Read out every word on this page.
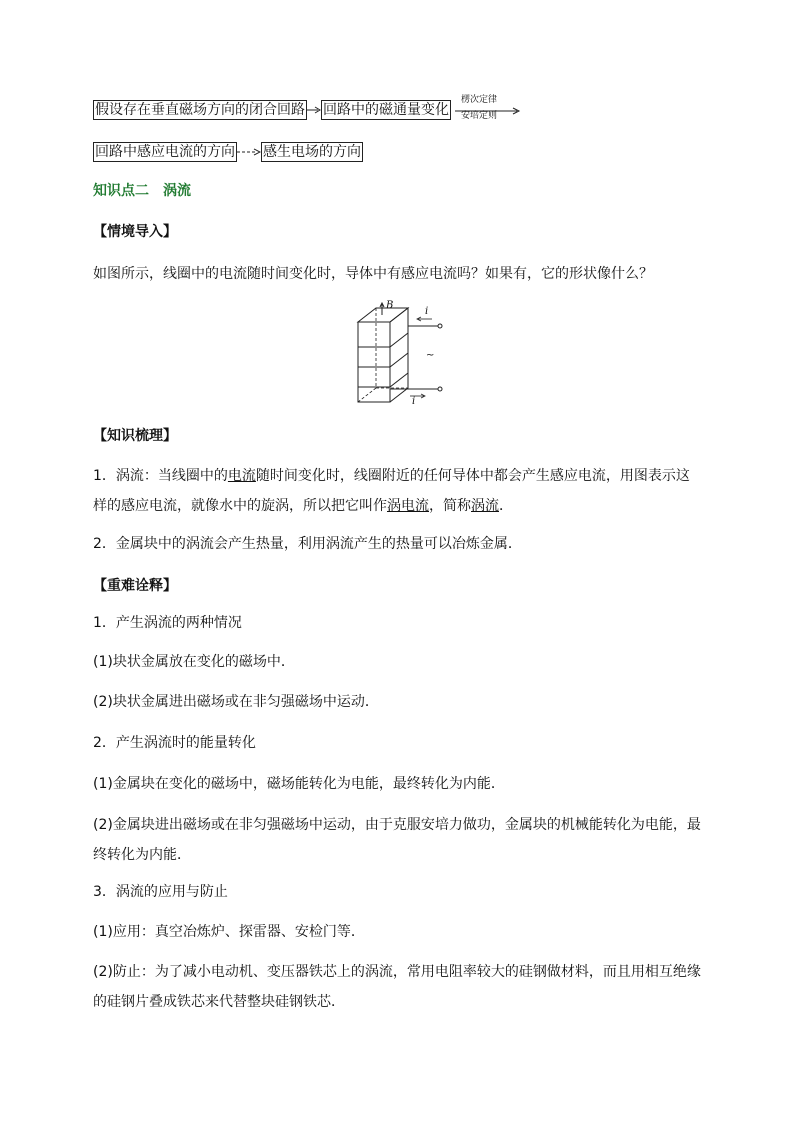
假设存在垂直磁场方向的闭合回路 回路中的磁通量变化
楞次定律
安培定则
回路中感应电流的方向 感生电场的方向
知识点二　涡流
【情境导入】
如图所示，线圈中的电流随时间变化时，导体中有感应电流吗？如果有，它的形状像什么？
B
i
i
~
【知识梳理】
1．涡流：当线圈中的电流随时间变化时，线圈附近的任何导体中都会产生感应电流，用图表示这样的感应电流，就像水中的旋涡，所以把它叫作涡电流，简称涡流．
2．金属块中的涡流会产生热量，利用涡流产生的热量可以冶炼金属．
【重难诠释】
1．产生涡流的两种情况
(1)块状金属放在变化的磁场中．
(2)块状金属进出磁场或在非匀强磁场中运动．
2．产生涡流时的能量转化
(1)金属块在变化的磁场中，磁场能转化为电能，最终转化为内能．
(2)金属块进出磁场或在非匀强磁场中运动，由于克服安培力做功，金属块的机械能转化为电能，最终转化为内能．
3．涡流的应用与防止
(1)应用：真空冶炼炉、探雷器、安检门等．
(2)防止：为了减小电动机、变压器铁芯上的涡流，常用电阻率较大的硅钢做材料，而且用相互绝缘的硅钢片叠成铁芯来代替整块硅钢铁芯．
